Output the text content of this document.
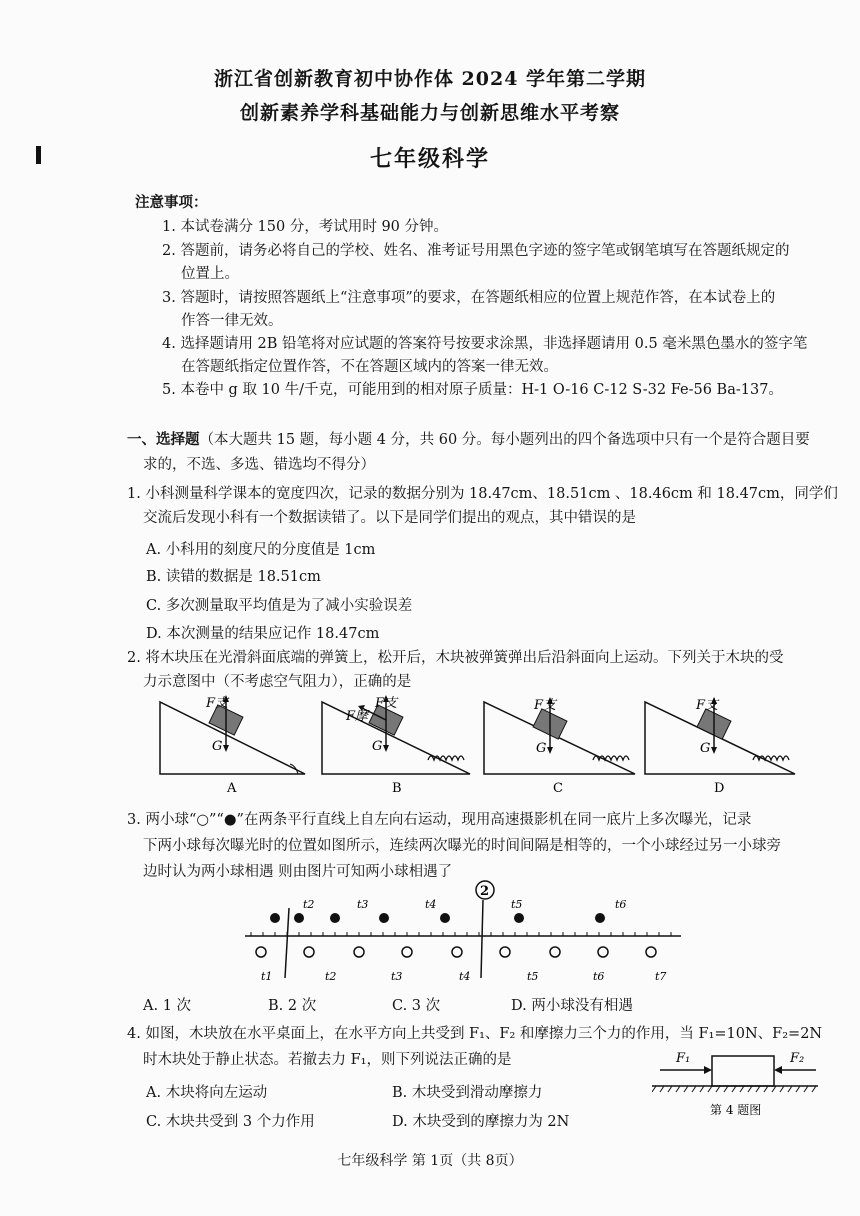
浙江省创新教育初中协作体 2024 学年第二学期
创新素养学科基础能力与创新思维水平考察
七年级科学
注意事项：
1. 本试卷满分 150 分，考试用时 90 分钟。
2. 答题前，请务必将自己的学校、姓名、准考证号用黑色字迹的签字笔或钢笔填写在答题纸规定的
位置上。
3. 答题时，请按照答题纸上“注意事项”的要求，在答题纸相应的位置上规范作答，在本试卷上的
作答一律无效。
4. 选择题请用 2B 铅笔将对应试题的答案符号按要求涂黑，非选择题请用 0.5 毫米黑色墨水的签字笔
在答题纸指定位置作答，不在答题区域内的答案一律无效。
5. 本卷中 g 取 10 牛/千克，可能用到的相对原子质量：H-1 O-16 C-12 S-32 Fe-56 Ba-137。
一、选择题（本大题共 15 题，每小题 4 分，共 60 分。每小题列出的四个备选项中只有一个是符合题目要
求的，不选、多选、错选均不得分）
1. 小科测量科学课本的宽度四次，记录的数据分别为 18.47cm、18.51cm 、18.46cm 和 18.47cm，同学们
交流后发现小科有一个数据读错了。以下是同学们提出的观点，其中错误的是
A. 小科用的刻度尺的分度值是 1cm
B. 读错的数据是 18.51cm
C. 多次测量取平均值是为了减小实验误差
D. 本次测量的结果应记作 18.47cm
2. 将木块压在光滑斜面底端的弹簧上，松开后，木块被弹簧弹出后沿斜面向上运动。下列关于木块的受
力示意图中（不考虑空气阻力），正确的是
F支
G
A
F支
F摩
G
B
F支
G
C
F支
G
D
3. 两小球“○”“●”在两条平行直线上自左向右运动，现用高速摄影机在同一底片上多次曝光，记录
下两小球每次曝光时的位置如图所示，连续两次曝光的时间间隔是相等的，一个小球经过另一小球旁
边时认为两小球相遇 则由图片可知两小球相遇了
2
t2	t3	t4	t5	t6
t1	t2	t3	t4	t5	t6	t7
A. 1 次	B. 2 次	C. 3 次	D. 两小球没有相遇
4. 如图，木块放在水平桌面上，在水平方向上共受到 F₁、F₂ 和摩擦力三个力的作用，当 F₁=10N、F₂=2N
时木块处于静止状态。若撤去力 F₁，则下列说法正确的是
A. 木块将向左运动	B. 木块受到滑动摩擦力
C. 木块共受到 3 个力作用	D. 木块受到的摩擦力为 2N
F₁	F₂
第 4 题图
七年级科学 第 1页（共 8页）
